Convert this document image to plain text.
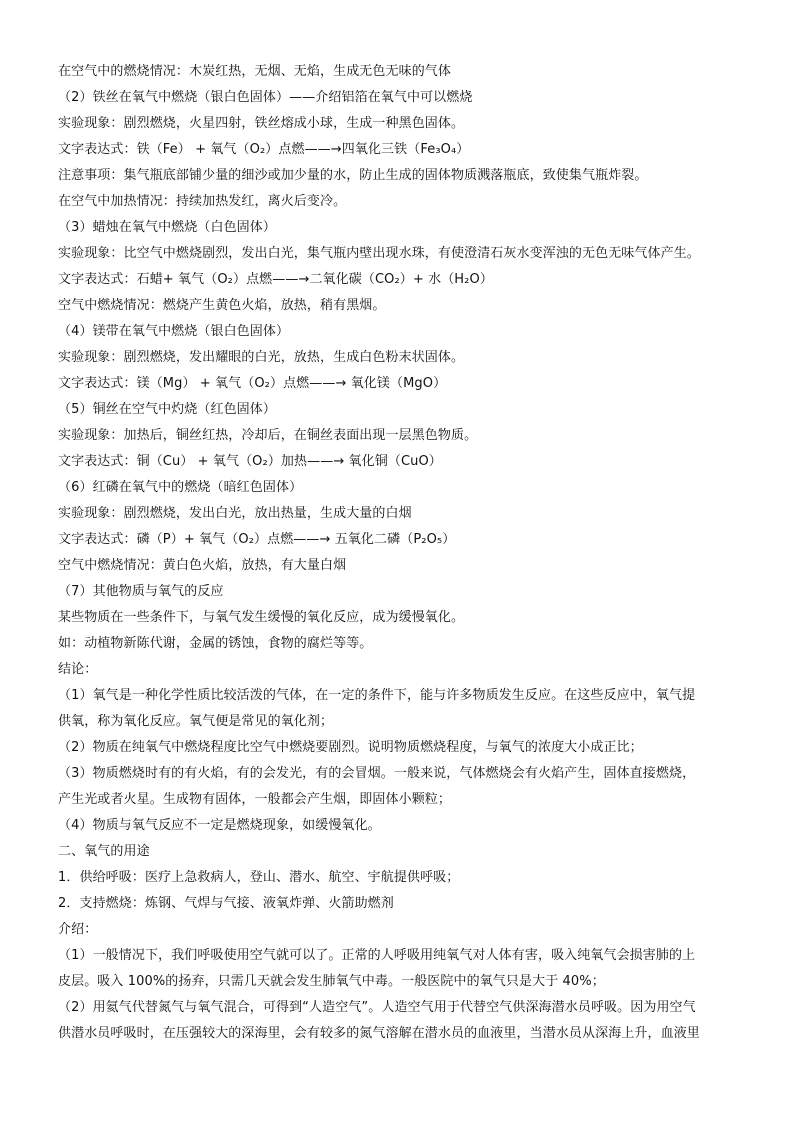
在空气中的燃烧情况：木炭红热，无烟、无焰，生成无色无味的气体
（2）铁丝在氧气中燃烧（银白色固体）——介绍铝箔在氧气中可以燃烧
实验现象：剧烈燃烧，火星四射，铁丝熔成小球，生成一种黑色固体。
文字表达式：铁（Fe） + 氧气（O₂）点燃——→四氧化三铁（Fe₃O₄）
注意事项：集气瓶底部铺少量的细沙或加少量的水，防止生成的固体物质溅落瓶底，致使集气瓶炸裂。
在空气中加热情况：持续加热发红，离火后变冷。
（3）蜡烛在氧气中燃烧（白色固体）
实验现象：比空气中燃烧剧烈，发出白光，集气瓶内壁出现水珠，有使澄清石灰水变浑浊的无色无味气体产生。
文字表达式：石蜡+ 氧气（O₂）点燃——→二氧化碳（CO₂）+ 水（H₂O）
空气中燃烧情况：燃烧产生黄色火焰，放热，稍有黑烟。
（4）镁带在氧气中燃烧（银白色固体）
实验现象：剧烈燃烧，发出耀眼的白光，放热，生成白色粉末状固体。
文字表达式：镁（Mg） + 氧气（O₂）点燃——→ 氧化镁（MgO）
（5）铜丝在空气中灼烧（红色固体）
实验现象：加热后，铜丝红热，冷却后，在铜丝表面出现一层黑色物质。
文字表达式：铜（Cu） + 氧气（O₂）加热——→ 氧化铜（CuO）
（6）红磷在氧气中的燃烧（暗红色固体）
实验现象：剧烈燃烧，发出白光，放出热量，生成大量的白烟
文字表达式：磷（P）+ 氧气（O₂）点燃——→ 五氧化二磷（P₂O₅）
空气中燃烧情况：黄白色火焰，放热，有大量白烟
（7）其他物质与氧气的反应
某些物质在一些条件下，与氧气发生缓慢的氧化反应，成为缓慢氧化。
如：动植物新陈代谢，金属的锈蚀，食物的腐烂等等。
结论：
（1）氧气是一种化学性质比较活泼的气体，在一定的条件下，能与许多物质发生反应。在这些反应中，氧气提
供氧，称为氧化反应。氧气便是常见的氧化剂；
（2）物质在纯氧气中燃烧程度比空气中燃烧要剧烈。说明物质燃烧程度，与氧气的浓度大小成正比；
（3）物质燃烧时有的有火焰，有的会发光，有的会冒烟。一般来说，气体燃烧会有火焰产生，固体直接燃烧，
产生光或者火星。生成物有固体，一般都会产生烟，即固体小颗粒；
（4）物质与氧气反应不一定是燃烧现象，如缓慢氧化。
二、氧气的用途
1．供给呼吸：医疗上急救病人，登山、潜水、航空、宇航提供呼吸；
2．支持燃烧：炼钢、气焊与气接、液氧炸弹、火箭助燃剂
介绍：
（1）一般情况下，我们呼吸使用空气就可以了。正常的人呼吸用纯氧气对人体有害，吸入纯氧气会损害肺的上
皮层。吸入 100%的扬弃，只需几天就会发生肺氧气中毒。一般医院中的氧气只是大于 40%；
（2）用氦气代替氮气与氧气混合，可得到“人造空气”。人造空气用于代替空气供深海潜水员呼吸。因为用空气
供潜水员呼吸时，在压强较大的深海里，会有较多的氮气溶解在潜水员的血液里，当潜水员从深海上升，血液里
